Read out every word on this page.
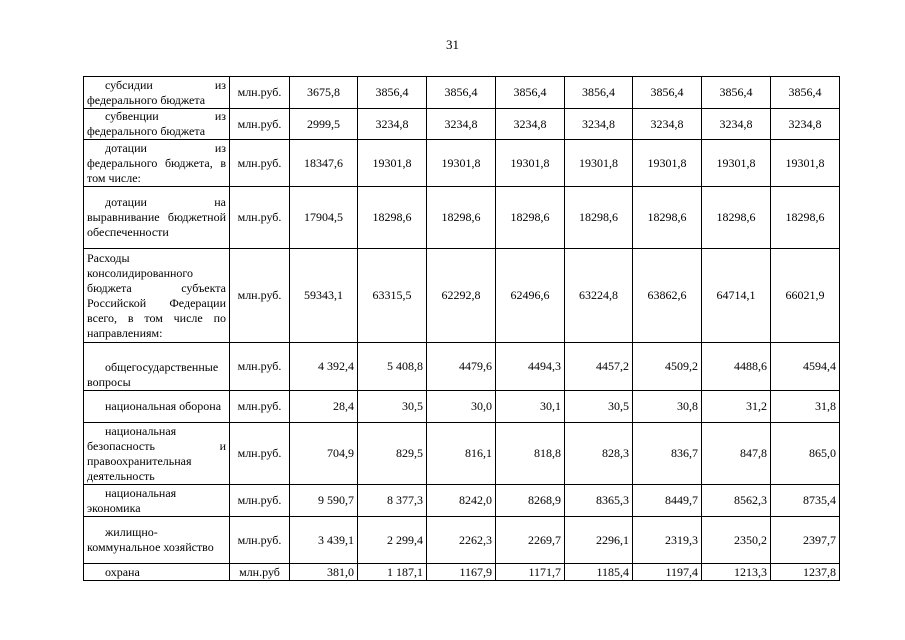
31
субсидии из федерального бюджета	млн.руб.	3675,8	3856,4	3856,4	3856,4	3856,4	3856,4	3856,4	3856,4

субвенции из федерального бюджета	млн.руб.	2999,5	3234,8	3234,8	3234,8	3234,8	3234,8	3234,8	3234,8

дотации из федерального бюджета, в том числе:	млн.руб.	18347,6	19301,8	19301,8	19301,8	19301,8	19301,8	19301,8	19301,8

дотации на выравнивание бюджетной обеспеченности	млн.руб.	17904,5	18298,6	18298,6	18298,6	18298,6	18298,6	18298,6	18298,6

Расходы консолидированного бюджета субъекта Российской Федерации всего, в том числе по направлениям:	млн.руб.	59343,1	63315,5	62292,8	62496,6	63224,8	63862,6	64714,1	66021,9

общегосударственные вопросы	млн.руб.	4 392,4	5 408,8	4479,6	4494,3	4457,2	4509,2	4488,6	4594,4

национальная оборона	млн.руб.	28,4	30,5	30,0	30,1	30,5	30,8	31,2	31,8

национальная безопасность и правоохранительная деятельность	млн.руб.	704,9	829,5	816,1	818,8	828,3	836,7	847,8	865,0

национальная экономика	млн.руб.	9 590,7	8 377,3	8242,0	8268,9	8365,3	8449,7	8562,3	8735,4

жилищно-коммунальное хозяйство	млн.руб.	3 439,1	2 299,4	2262,3	2269,7	2296,1	2319,3	2350,2	2397,7

охрана	млн.руб	381,0	1 187,1	1167,9	1171,7	1185,4	1197,4	1213,3	1237,8
